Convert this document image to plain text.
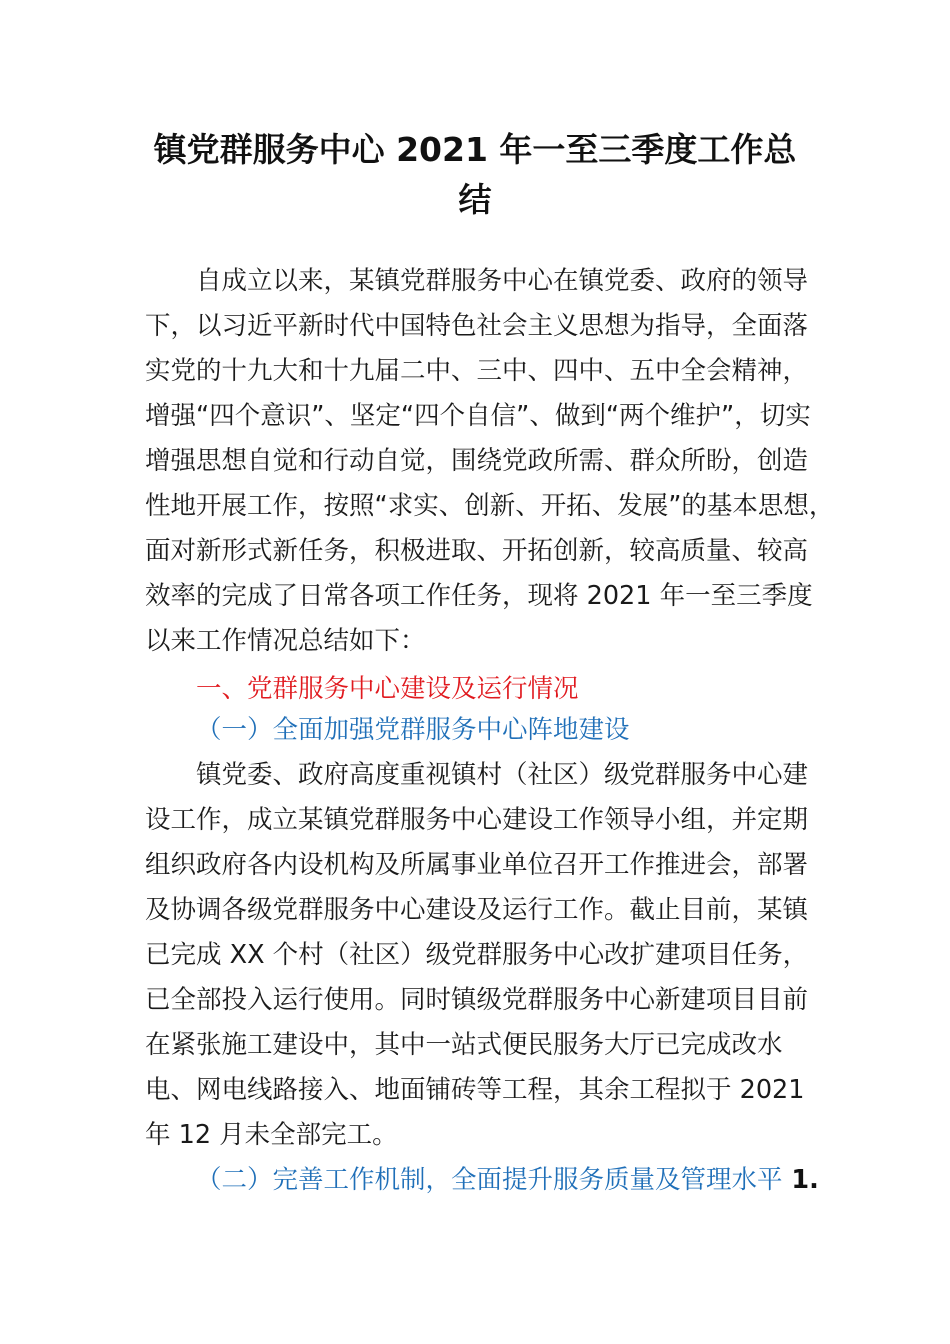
镇党群服务中心 2021 年一至三季度工作总
结
自成立以来，某镇党群服务中心在镇党委、政府的领导
下，以习近平新时代中国特色社会主义思想为指导，全面落
实党的十九大和十九届二中、三中、四中、五中全会精神，
增强“四个意识”、坚定“四个自信”、做到“两个维护”，切实
增强思想自觉和行动自觉，围绕党政所需、群众所盼，创造
性地开展工作，按照“求实、创新、开拓、发展”的基本思想，
面对新形式新任务，积极进取、开拓创新，较高质量、较高
效率的完成了日常各项工作任务，现将 2021 年一至三季度
以来工作情况总结如下：
一、党群服务中心建设及运行情况
（一）全面加强党群服务中心阵地建设
镇党委、政府高度重视镇村（社区）级党群服务中心建
设工作，成立某镇党群服务中心建设工作领导小组，并定期
组织政府各内设机构及所属事业单位召开工作推进会，部署
及协调各级党群服务中心建设及运行工作。截止目前，某镇
已完成 XX 个村（社区）级党群服务中心改扩建项目任务，
已全部投入运行使用。同时镇级党群服务中心新建项目目前
在紧张施工建设中，其中一站式便民服务大厅已完成改水
电、网电线路接入、地面铺砖等工程，其余工程拟于 2021
年 12 月未全部完工。
（二）完善工作机制，全面提升服务质量及管理水平 1.
